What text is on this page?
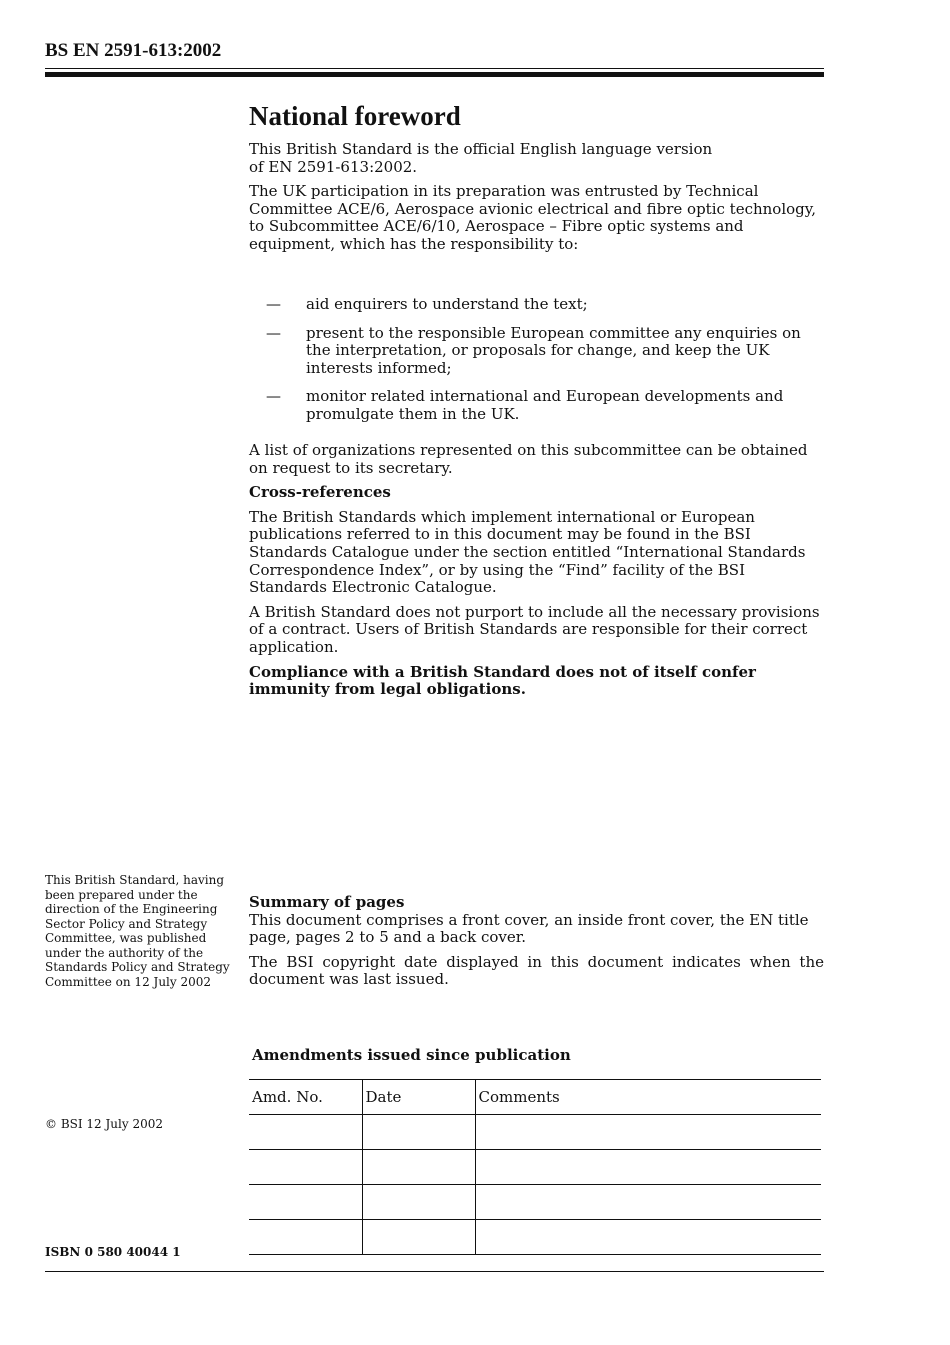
BS EN 2591-613:2002
National foreword

This British Standard is the official English language version of EN 2591-613:2002.

The UK participation in its preparation was entrusted by Technical Committee ACE/6, Aerospace avionic electrical and fibre optic technology, to Subcommittee ACE/6/10, Aerospace – Fibre optic systems and equipment, which has the responsibility to:

— aid enquirers to understand the text;
— present to the responsible European committee any enquiries on the interpretation, or proposals for change, and keep the UK interests informed;
— monitor related international and European developments and promulgate them in the UK.

A list of organizations represented on this subcommittee can be obtained on request to its secretary.

Cross-references

The British Standards which implement international or European publications referred to in this document may be found in the BSI Standards Catalogue under the section entitled “International Standards Correspondence Index”, or by using the “Find” facility of the BSI Standards Electronic Catalogue.

A British Standard does not purport to include all the necessary provisions of a contract. Users of British Standards are responsible for their correct application.

Compliance with a British Standard does not of itself confer immunity from legal obligations.

This British Standard, having been prepared under the direction of the Engineering Sector Policy and Strategy Committee, was published under the authority of the Standards Policy and Strategy Committee on 12 July 2002

Summary of pages

This document comprises a front cover, an inside front cover, the EN title page, pages 2 to 5 and a back cover.

The BSI copyright date displayed in this document indicates when the document was last issued.

Amendments issued since publication
Amd. No.	Date	Comments

© BSI 12 July 2002
ISBN 0 580 40044 1
